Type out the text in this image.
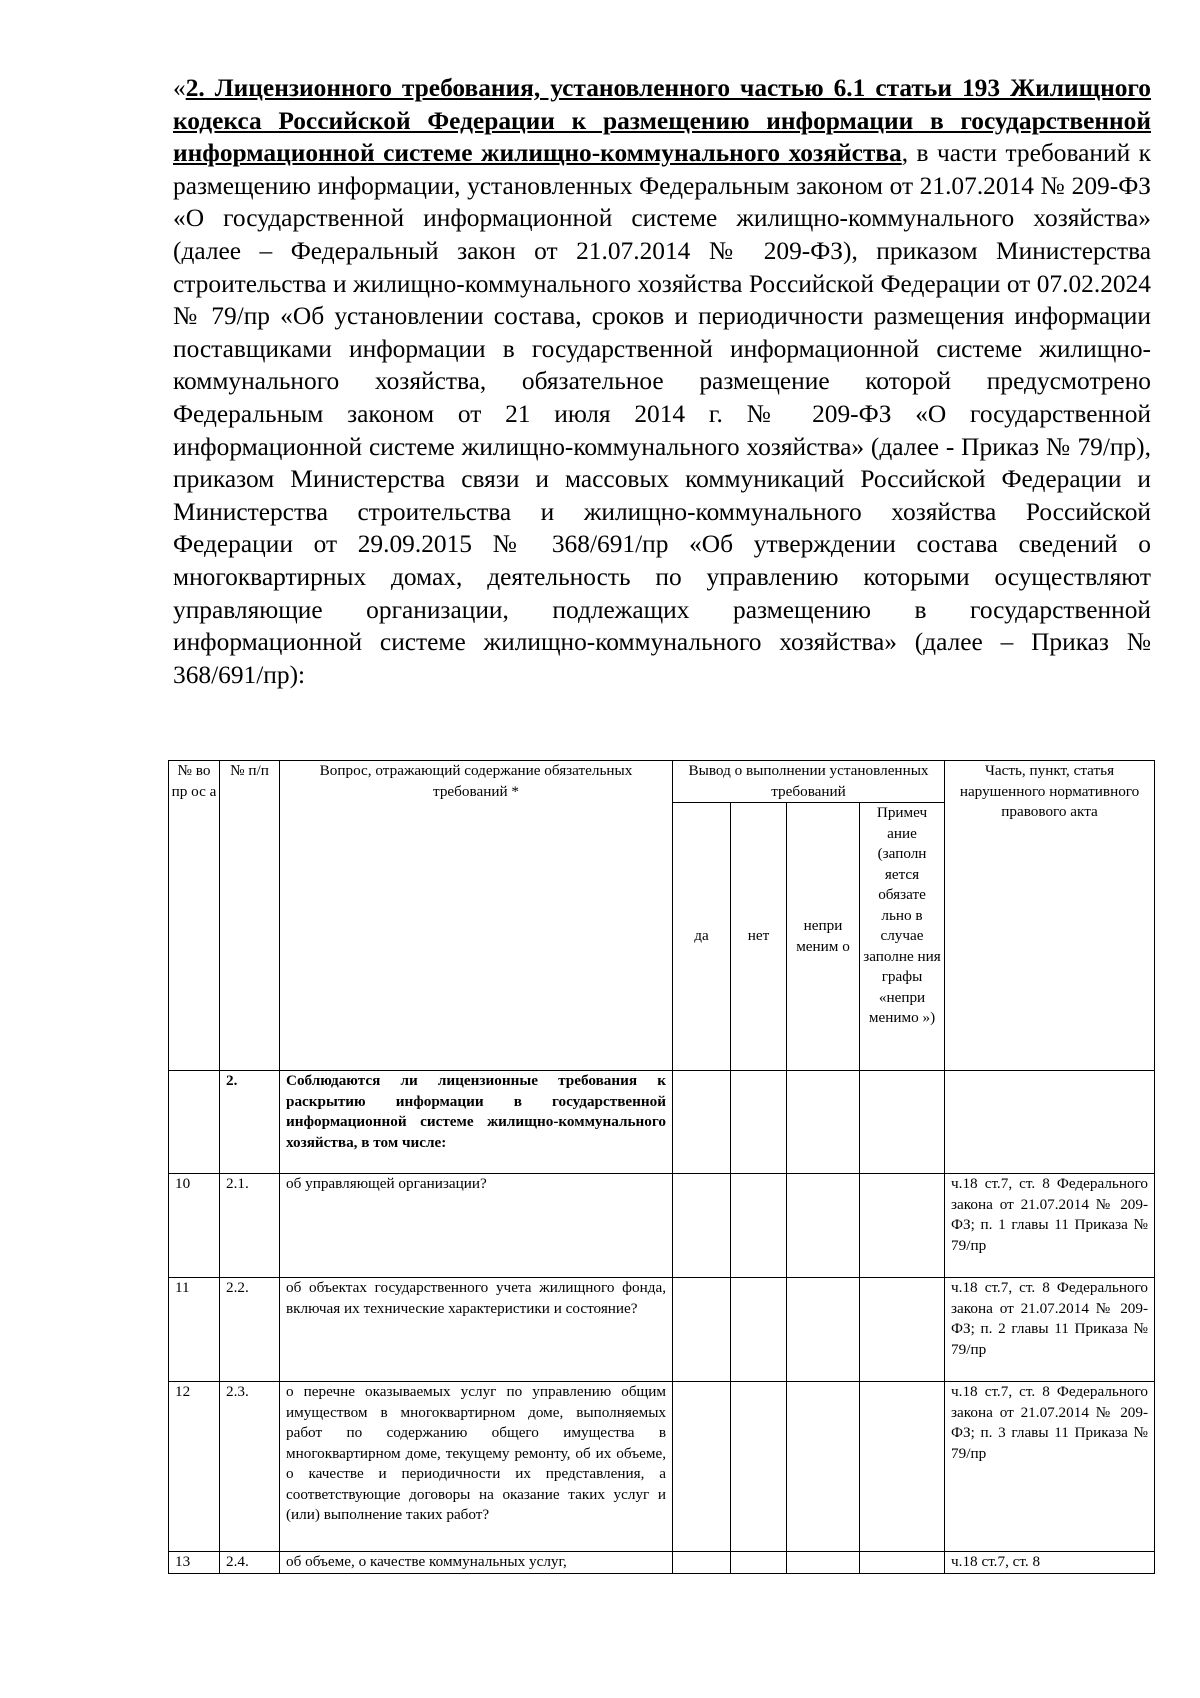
«2. Лицензионного требования, установленного частью 6.1 статьи 193 Жилищного кодекса Российской Федерации к размещению информации в государственной информационной системе жилищно-коммунального хозяйства, в части требований к размещению информации, установленных Федеральным законом от 21.07.2014 № 209-ФЗ «О государственной информационной системе жилищно-коммунального хозяйства» (далее – Федеральный закон от 21.07.2014 № 209-ФЗ), приказом Министерства строительства и жилищно-коммунального хозяйства Российской Федерации от 07.02.2024 № 79/пр «Об установлении состава, сроков и периодичности размещения информации поставщиками информации в государственной информационной системе жилищно-коммунального хозяйства, обязательное размещение которой предусмотрено Федеральным законом от 21 июля 2014 г. № 209-ФЗ «О государственной информационной системе жилищно-коммунального хозяйства» (далее - Приказ № 79/пр), приказом Министерства связи и массовых коммуникаций Российской Федерации и Министерства строительства и жилищно-коммунального хозяйства Российской Федерации от 29.09.2015 № 368/691/пр «Об утверждении состава сведений о многоквартирных домах, деятельность по управлению которыми осуществляют управляющие организации, подлежащих размещению в государственной информационной системе жилищно-коммунального хозяйства» (далее – Приказ № 368/691/пр):
№ во пр ос а	№ п/п	Вопрос, отражающий содержание обязательных требований *	Вывод о выполнении установленных требований				Часть, пункт, статья нарушенного нормативного правового акта
			да	нет	непри меним о	Примеч ание (заполн яется обязате льно в случае заполне ния графы «непри менимо »)	
	2.	Соблюдаются ли лицензионные требования к раскрытию информации в государственной информационной системе жилищно-коммунального хозяйства, в том числе:					
10	2.1.	об управляющей организации?					ч.18 ст.7, ст. 8 Федерального закона от 21.07.2014 № 209-ФЗ; п. 1 главы 11 Приказа № 79/пр
11	2.2.	об объектах государственного учета жилищного фонда, включая их технические характеристики и состояние?					ч.18 ст.7, ст. 8 Федерального закона от 21.07.2014 № 209-ФЗ; п. 2 главы 11 Приказа № 79/пр
12	2.3.	о перечне оказываемых услуг по управлению общим имуществом в многоквартирном доме, выполняемых работ по содержанию общего имущества в многоквартирном доме, текущему ремонту, об их объеме, о качестве и периодичности их представления, а соответствующие договоры на оказание таких услуг и (или) выполнение таких работ?					ч.18 ст.7, ст. 8 Федерального закона от 21.07.2014 № 209-ФЗ; п. 3 главы 11 Приказа № 79/пр
13	2.4.	об объеме, о качестве коммунальных услуг,					ч.18 ст.7, ст. 8
